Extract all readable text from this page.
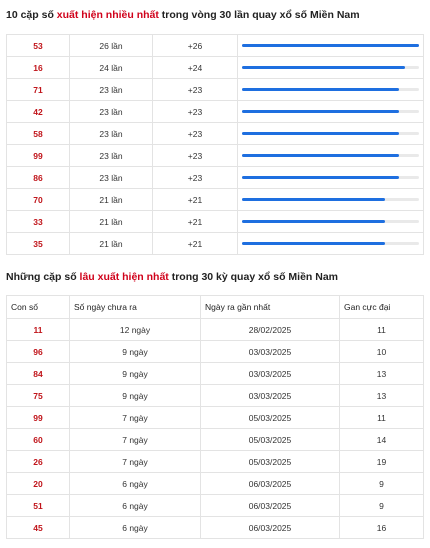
10 cặp số xuất hiện nhiều nhất trong vòng 30 lần quay xổ số Miền Nam
53	26 lần	+26	

16	24 lần	+24	

71	23 lần	+23	

42	23 lần	+23	

58	23 lần	+23	

99	23 lần	+23	

86	23 lần	+23	

70	21 lần	+21	

33	21 lần	+21	

35	21 lần	+21	
Những cặp số lâu xuất hiện nhất trong 30 kỳ quay xổ số Miền Nam
Con số	Số ngày chưa ra	Ngày ra gần nhất	Gan cực đại
11	12 ngày	28/02/2025	11
96	9 ngày	03/03/2025	10
84	9 ngày	03/03/2025	13
75	9 ngày	03/03/2025	13
99	7 ngày	05/03/2025	11
60	7 ngày	05/03/2025	14
26	7 ngày	05/03/2025	19
20	6 ngày	06/03/2025	9
51	6 ngày	06/03/2025	9
45	6 ngày	06/03/2025	16
